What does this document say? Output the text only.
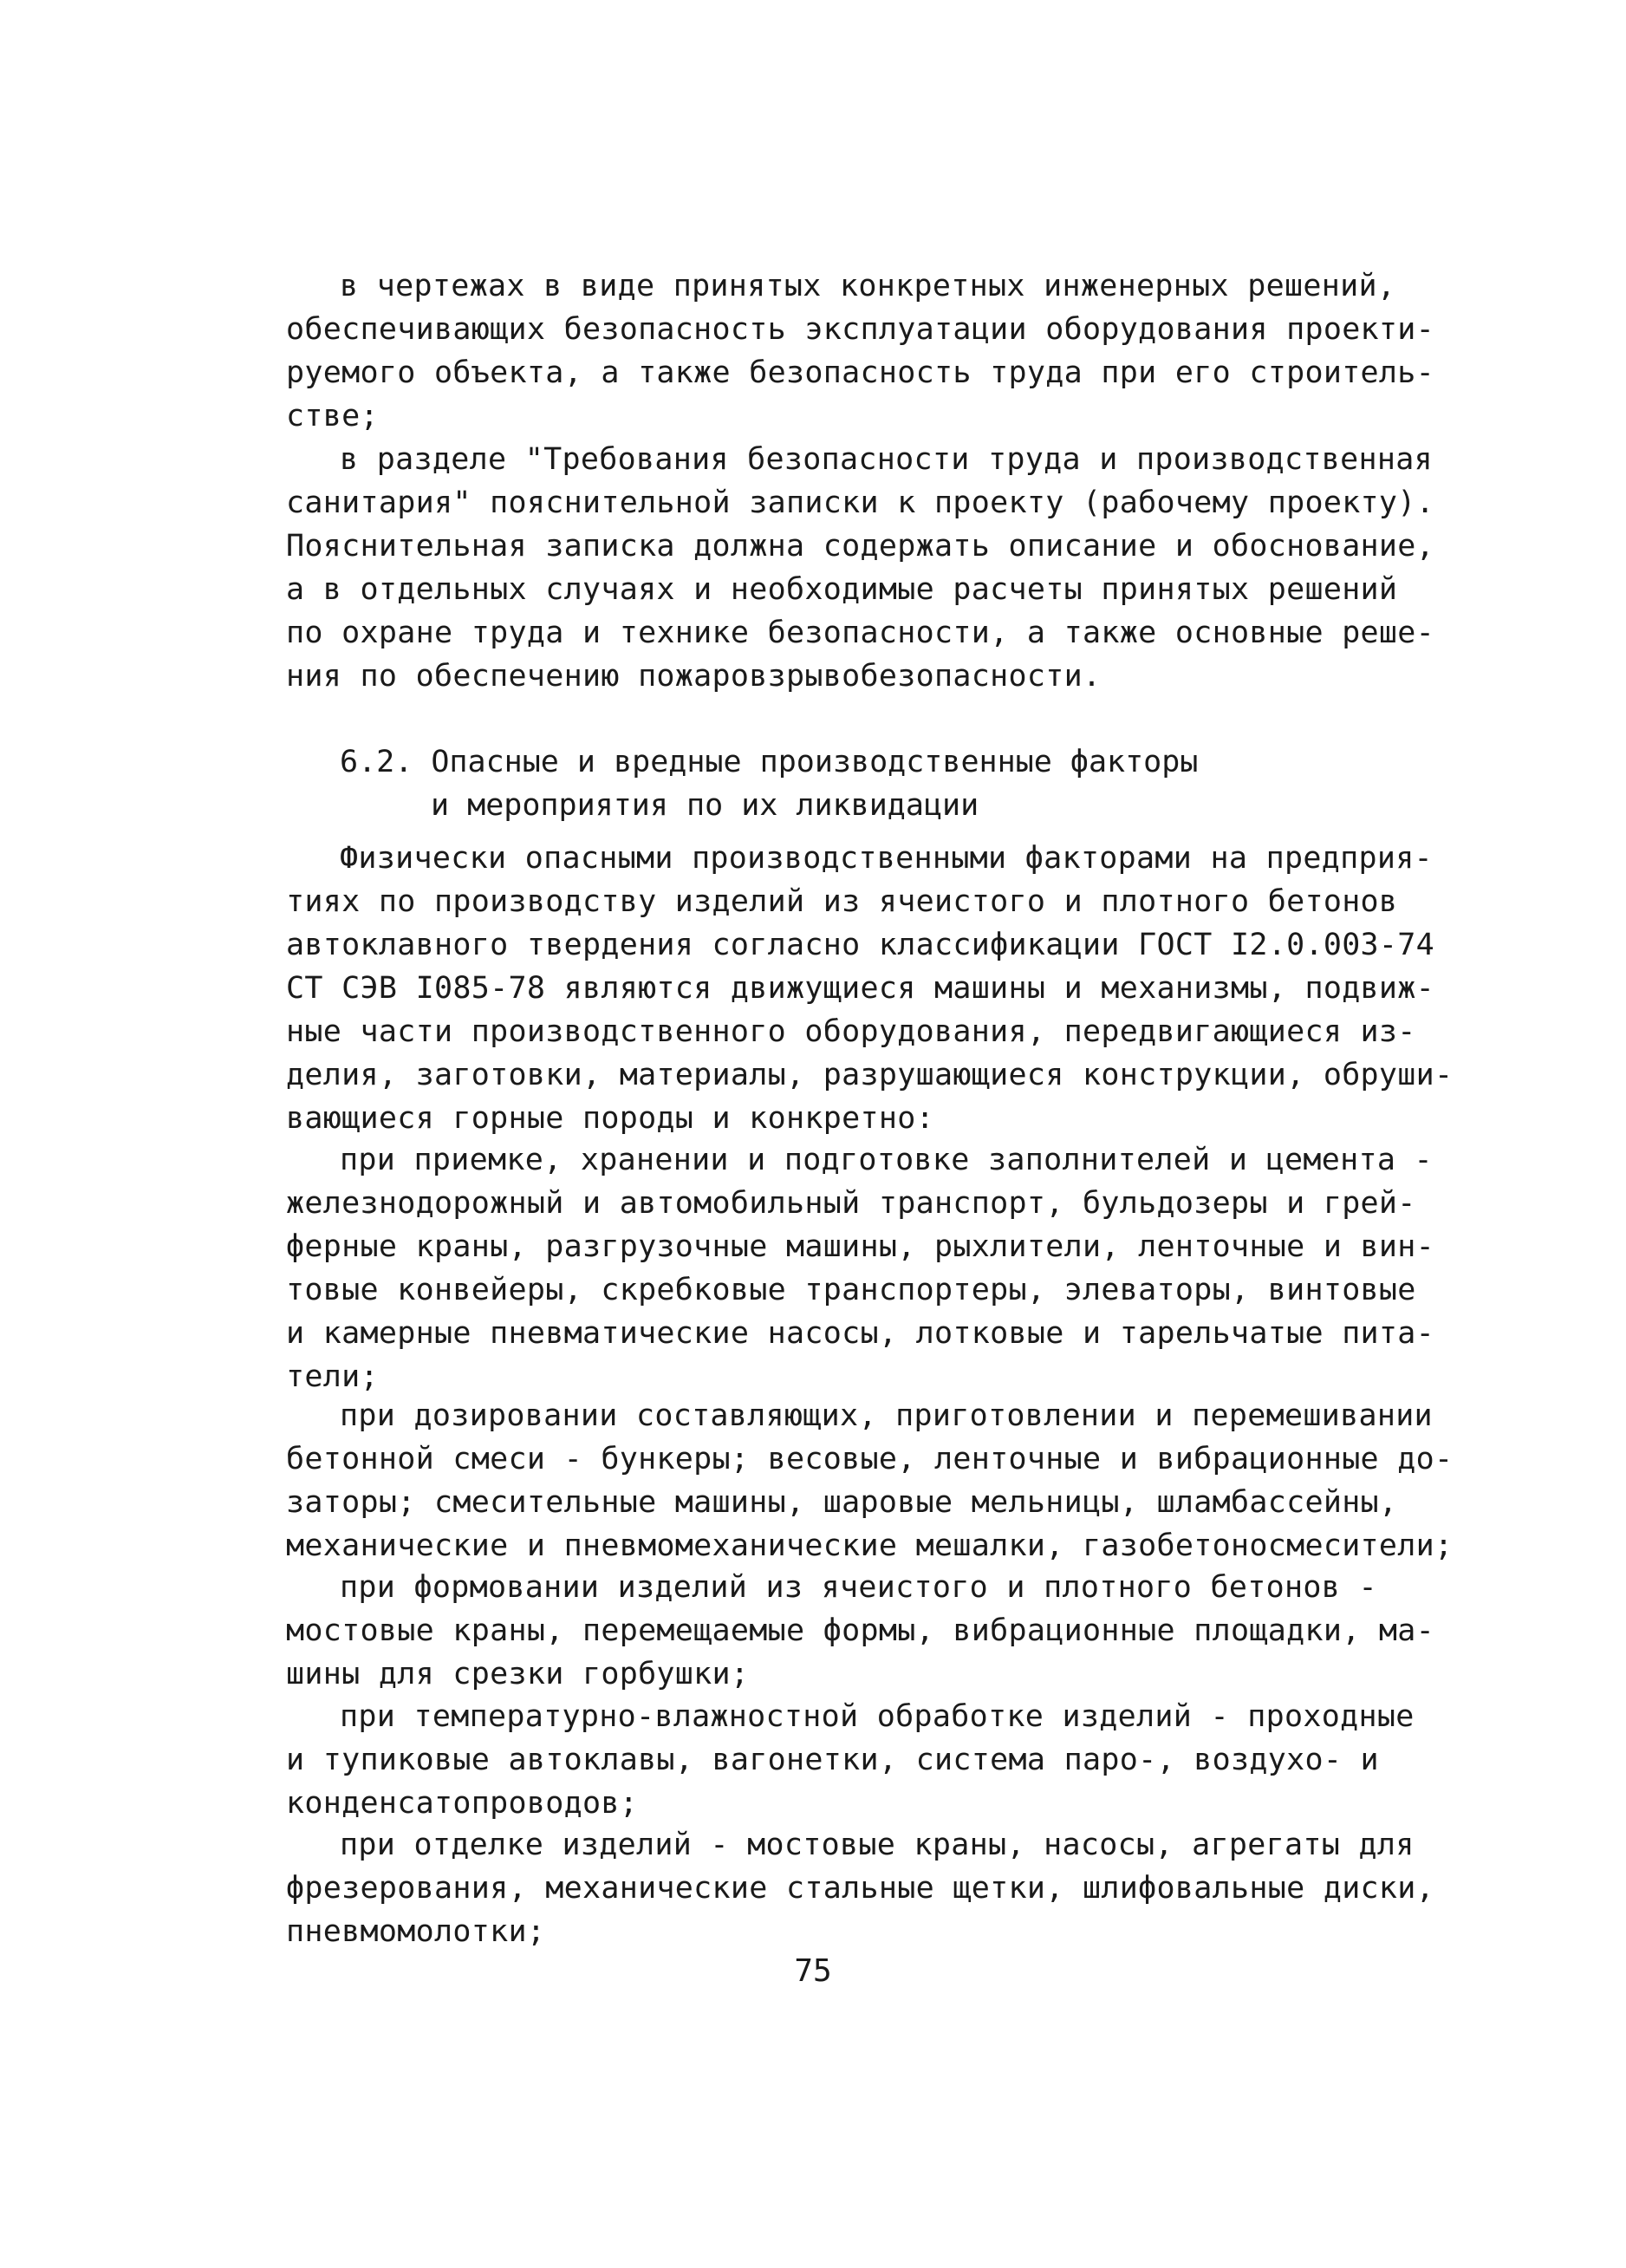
в чертежах в виде принятых конкретных инженерных решений,
обеспечивающих безопасность эксплуатации оборудования проекти-
руемого объекта, а также безопасность труда при его строитель-
стве;
в разделе "Требования безопасности труда и производственная
санитария" пояснительной записки к проекту (рабочему проекту).
Пояснительная записка должна содержать описание и обоснование,
а в отдельных случаях и необходимые расчеты принятых решений
по охране труда и технике безопасности, а также основные реше-
ния по обеспечению пожаровзрывобезопасности.
6.2. Опасные и вредные производственные факторы
и мероприятия по их ликвидации
Физически опасными производственными факторами на предприя-
тиях по производству изделий из ячеистого и плотного бетонов
автоклавного твердения согласно классификации ГОСТ I2.0.003-74
СТ СЭВ I085-78 являются движущиеся машины и механизмы, подвиж-
ные части производственного оборудования, передвигающиеся из-
делия, заготовки, материалы, разрушающиеся конструкции, обруши-
вающиеся горные породы и конкретно:
при приемке, хранении и подготовке заполнителей и цемента -
железнодорожный и автомобильный транспорт, бульдозеры и грей-
ферные краны, разгрузочные машины, рыхлители, ленточные и вин-
товые конвейеры, скребковые транспортеры, элеваторы, винтовые
и камерные пневматические насосы, лотковые и тарельчатые пита-
тели;
при дозировании составляющих, приготовлении и перемешивании
бетонной смеси - бункеры; весовые, ленточные и вибрационные до-
заторы; смесительные машины, шаровые мельницы, шламбассейны,
механические и пневмомеханические мешалки, газобетоносмесители;
при формовании изделий из ячеистого и плотного бетонов -
мостовые краны, перемещаемые формы, вибрационные площадки, ма-
шины для срезки горбушки;
при температурно-влажностной обработке изделий - проходные
и тупиковые автоклавы, вагонетки, система паро-, воздухо- и
конденсатопроводов;
при отделке изделий - мостовые краны, насосы, агрегаты для
фрезерования, механические стальные щетки, шлифовальные диски,
пневмомолотки;
75
